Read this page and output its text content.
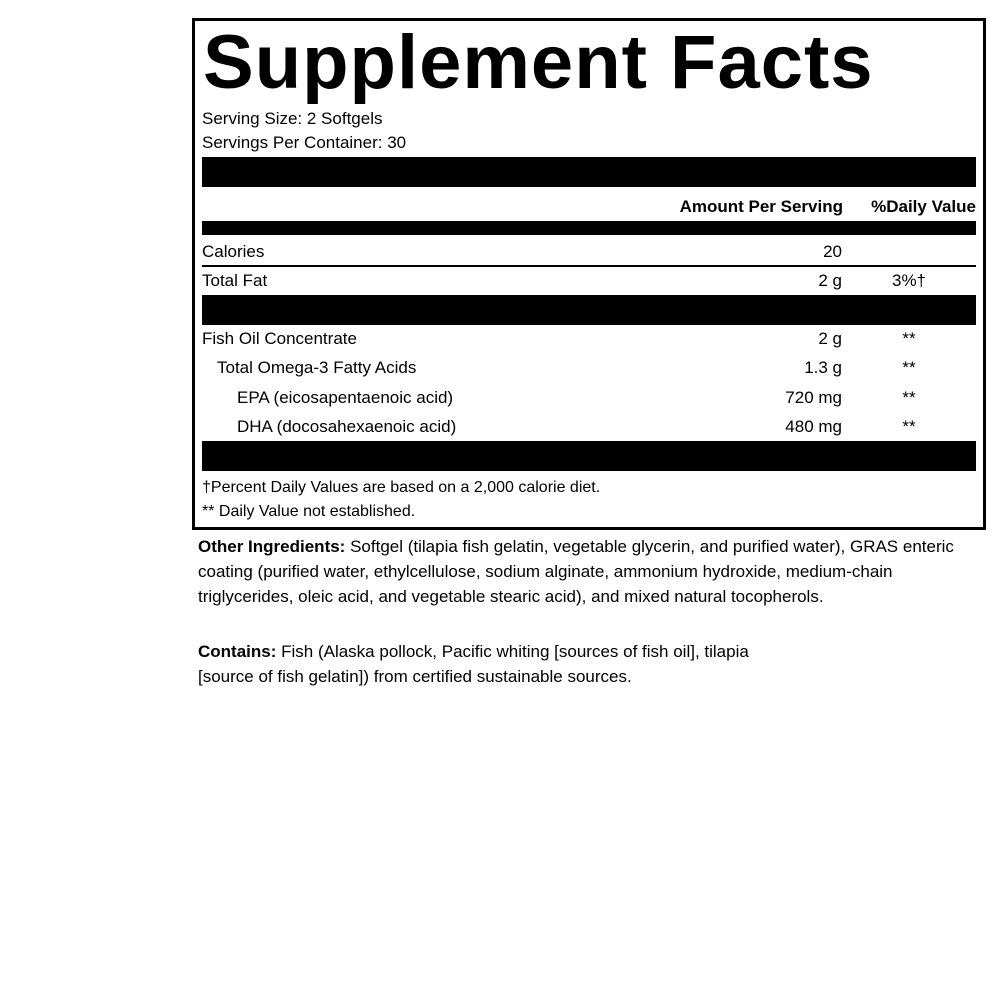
Supplement Facts
Serving Size: 2 Softgels
Servings Per Container: 30
Amount Per Serving %Daily Value
Calories	20
Total Fat	2 g	3%†
Fish Oil Concentrate	2 g	**
Total Omega-3 Fatty Acids	1.3 g	**
EPA (eicosapentaenoic acid)	720 mg	**
DHA (docosahexaenoic acid)	480 mg	**
†Percent Daily Values are based on a 2,000 calorie diet.
** Daily Value not established.
Other Ingredients: Softgel (tilapia fish gelatin, vegetable glycerin, and purified water), GRAS enteric coating (purified water, ethylcellulose, sodium alginate, ammonium hydroxide, medium-chain triglycerides, oleic acid, and vegetable stearic acid), and mixed natural tocopherols.
Contains: Fish (Alaska pollock, Pacific whiting [sources of fish oil], tilapia [source of fish gelatin]) from certified sustainable sources.
